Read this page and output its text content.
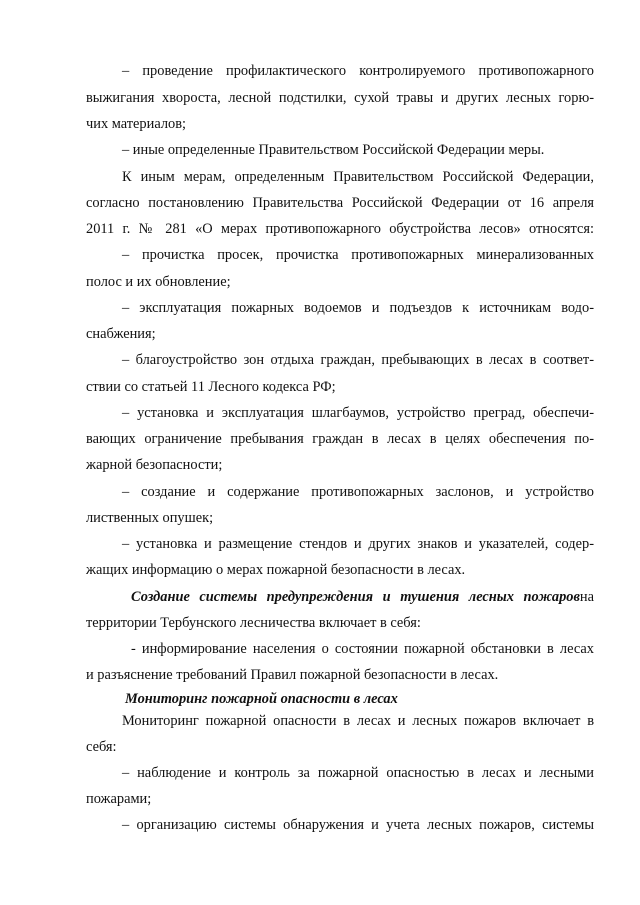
– проведение профилактического контролируемого противопожарного
выжигания хвороста, лесной подстилки, сухой травы и других лесных горю-
чих материалов;
– иные определенные Правительством Российской Федерации меры.
К иным мерам, определенным Правительством Российской Федерации,
согласно постановлению Правительства Российской Федерации от 16 апреля
2011 г. № 281 «О мерах противопожарного обустройства лесов» относятся:
– прочистка просек, прочистка противопожарных минерализованных
полос и их обновление;
– эксплуатация пожарных водоемов и подъездов к источникам водо-
снабжения;
– благоустройство зон отдыха граждан, пребывающих в лесах в соответ-
ствии со статьей 11 Лесного кодекса РФ;
– установка и эксплуатация шлагбаумов, устройство преград, обеспечи-
вающих ограничение пребывания граждан в лесах в целях обеспечения по-
жарной безопасности;
– создание и содержание противопожарных заслонов, и устройство
лиственных опушек;
– установка и размещение стендов и других знаков и указателей, содер-
жащих информацию о мерах пожарной безопасности в лесах.
Создание системы предупреждения и тушения лесных пожаровна
территории Тербунского лесничества включает в себя:
- информирование населения о состоянии пожарной обстановки в лесах
и разъяснение требований Правил пожарной безопасности в лесах.
Мониторинг пожарной опасности в лесах
Мониторинг пожарной опасности в лесах и лесных пожаров включает в
себя:
– наблюдение и контроль за пожарной опасностью в лесах и лесными
пожарами;
– организацию системы обнаружения и учета лесных пожаров, системы
